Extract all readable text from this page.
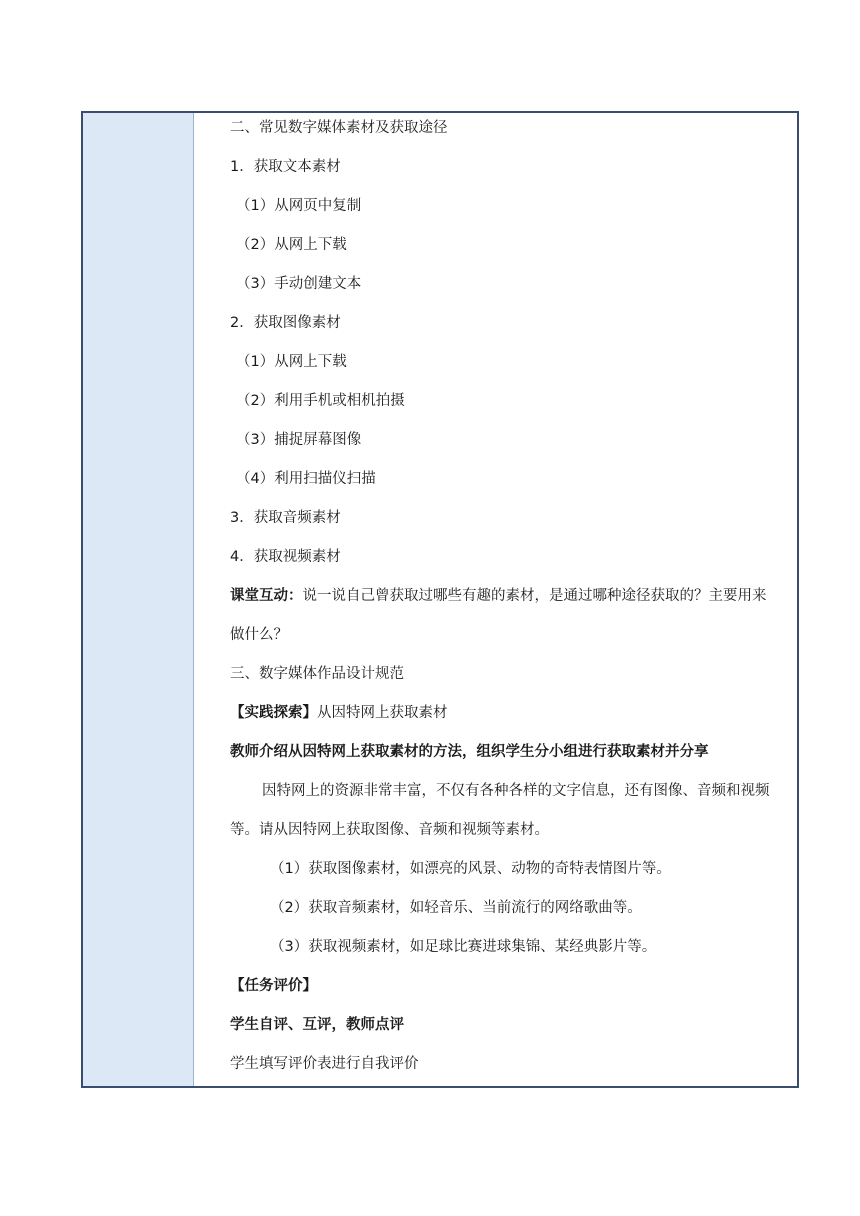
二、常见数字媒体素材及获取途径
1．获取文本素材
（1）从网页中复制
（2）从网上下载
（3）手动创建文本
2．获取图像素材
（1）从网上下载
（2）利用手机或相机拍摄
（3）捕捉屏幕图像
（4）利用扫描仪扫描
3．获取音频素材
4．获取视频素材
课堂互动：说一说自己曾获取过哪些有趣的素材，是通过哪种途径获取的？主要用来
做什么？
三、数字媒体作品设计规范
【实践探索】从因特网上获取素材
教师介绍从因特网上获取素材的方法，组织学生分小组进行获取素材并分享
因特网上的资源非常丰富，不仅有各种各样的文字信息，还有图像、音频和视频
等。请从因特网上获取图像、音频和视频等素材。
（1）获取图像素材，如漂亮的风景、动物的奇特表情图片等。
（2）获取音频素材，如轻音乐、当前流行的网络歌曲等。
（3）获取视频素材，如足球比赛进球集锦、某经典影片等。
【任务评价】
学生自评、互评，教师点评
学生填写评价表进行自我评价
